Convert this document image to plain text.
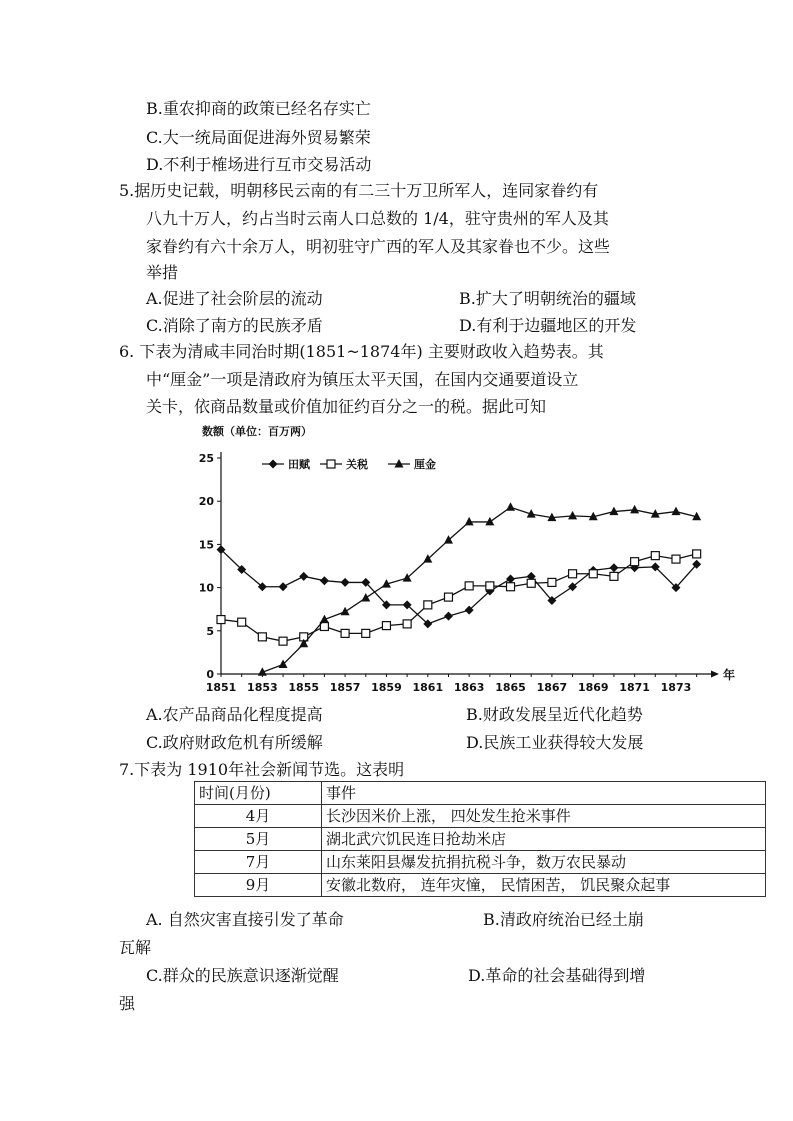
B.重农抑商的政策已经名存实亡
C.大一统局面促进海外贸易繁荣
D.不利于榷场进行互市交易活动
5.据历史记载，明朝移民云南的有二三十万卫所军人，连同家眷约有
八九十万人，约占当时云南人口总数的 1/4，驻守贵州的军人及其
家眷约有六十余万人，明初驻守广西的军人及其家眷也不少。这些
举措
A.促进了社会阶层的流动	B.扩大了明朝统治的疆域
C.消除了南方的民族矛盾	D.有利于边疆地区的开发
6. 下表为清咸丰同治时期(1851~1874年) 主要财政收入趋势表。其
中“厘金”一项是清政府为镇压太平天国，在国内交通要道设立
关卡，依商品数量或价值加征约百分之一的税。据此可知
数额（单位：百万两）
年
0
5
10
15
20
25
1851 1853 1855 1857 1859 1861 1863 1865 1867 1869 1871 1873
田赋	关税	厘金
A.农产品商品化程度提高	B.财政发展呈近代化趋势
C.政府财政危机有所缓解	D.民族工业获得较大发展
7.下表为 1910年社会新闻节选。这表明
时间(月份)	事件
4月	长沙因米价上涨， 四处发生抢米事件
5月	湖北武穴饥民连日抢劫米店
7月	山东莱阳县爆发抗捐抗税斗争，数万农民暴动
9月	安徽北数府， 连年灾憧， 民情困苦， 饥民聚众起事
A. 自然灾害直接引发了革命	B.清政府统治已经土崩
瓦解
C.群众的民族意识逐渐觉醒	D.革命的社会基础得到增
强
